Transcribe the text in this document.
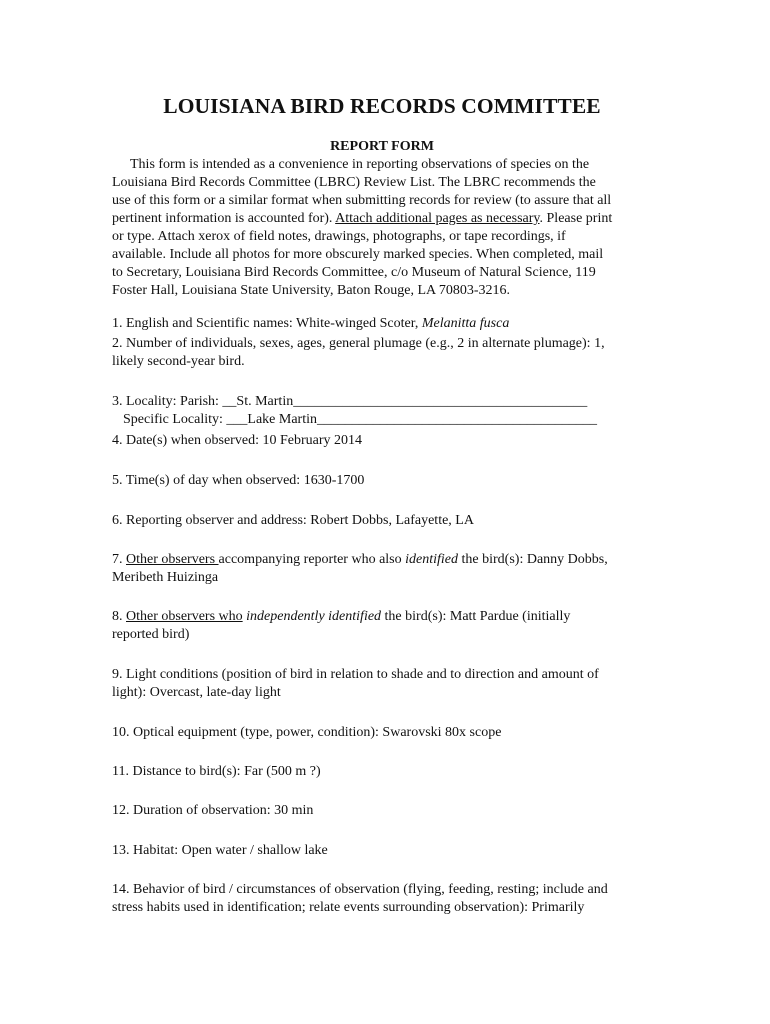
LOUISIANA BIRD RECORDS COMMITTEE
REPORT FORM
This form is intended as a convenience in reporting observations of species on the
Louisiana Bird Records Committee (LBRC) Review List. The LBRC recommends the
use of this form or a similar format when submitting records for review (to assure that all
pertinent information is accounted for). Attach additional pages as necessary. Please print
or type. Attach xerox of field notes, drawings, photographs, or tape recordings, if
available. Include all photos for more obscurely marked species. When completed, mail
to Secretary, Louisiana Bird Records Committee, c/o Museum of Natural Science, 119
Foster Hall, Louisiana State University, Baton Rouge, LA 70803-3216.
1. English and Scientific names: White-winged Scoter, Melanitta fusca
2. Number of individuals, sexes, ages, general plumage (e.g., 2 in alternate plumage): 1,
likely second-year bird.
3. Locality: Parish: __St. Martin__________________________________________
Specific Locality: ___Lake Martin________________________________________
4. Date(s) when observed: 10 February 2014
5. Time(s) of day when observed: 1630-1700
6. Reporting observer and address: Robert Dobbs, Lafayette, LA
7. Other observers accompanying reporter who also identified the bird(s): Danny Dobbs,
Meribeth Huizinga
8. Other observers who independently identified the bird(s): Matt Pardue (initially
reported bird)
9. Light conditions (position of bird in relation to shade and to direction and amount of
light): Overcast, late-day light
10. Optical equipment (type, power, condition): Swarovski 80x scope
11. Distance to bird(s): Far (500 m ?)
12. Duration of observation: 30 min
13. Habitat: Open water / shallow lake
14. Behavior of bird / circumstances of observation (flying, feeding, resting; include and
stress habits used in identification; relate events surrounding observation): Primarily
